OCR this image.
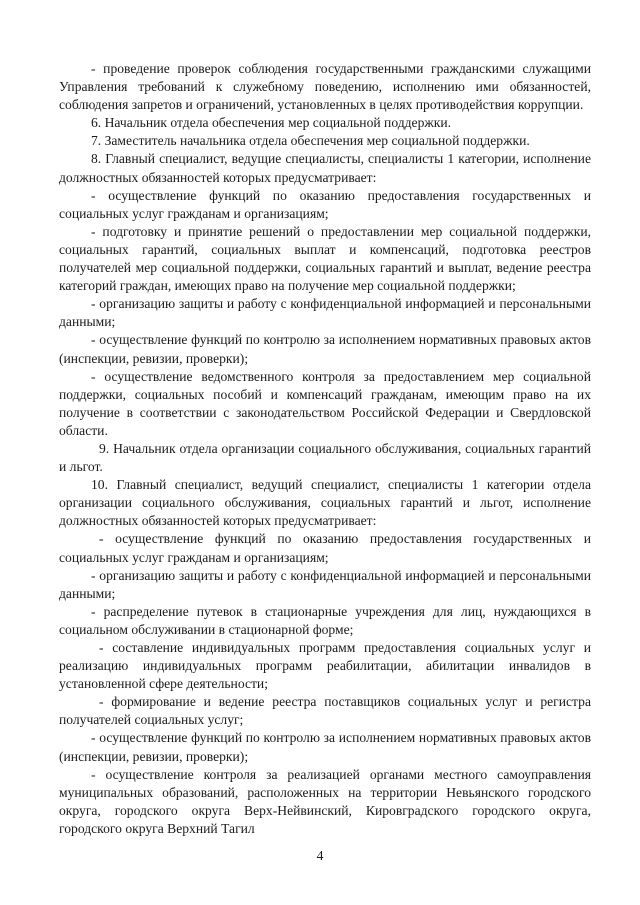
- проведение проверок соблюдения государственными гражданскими служащими Управления требований к служебному поведению, исполнению ими обязанностей, соблюдения запретов и ограничений, установленных в целях противодействия коррупции.

6. Начальник отдела обеспечения мер социальной поддержки.

7. Заместитель начальника отдела обеспечения мер социальной поддержки.

8. Главный специалист, ведущие специалисты, специалисты 1 категории, исполнение должностных обязанностей которых предусматривает:

- осуществление функций по оказанию предоставления государственных и социальных услуг гражданам и организациям;

- подготовку и принятие решений о предоставлении мер социальной поддержки, социальных гарантий, социальных выплат и компенсаций, подготовка реестров получателей мер социальной поддержки, социальных гарантий и выплат, ведение реестра категорий граждан, имеющих право на получение мер социальной поддержки;

- организацию защиты и работу с конфиденциальной информацией и персональными данными;

- осуществление функций по контролю за исполнением нормативных правовых актов (инспекции, ревизии, проверки);

- осуществление ведомственного контроля за предоставлением мер социальной поддержки, социальных пособий и компенсаций гражданам, имеющим право на их получение в соответствии с законодательством Российской Федерации и Свердловской области.

9. Начальник отдела организации социального обслуживания, социальных гарантий и льгот.

10. Главный специалист, ведущий специалист, специалисты 1 категории отдела организации социального обслуживания, социальных гарантий и льгот, исполнение должностных обязанностей которых предусматривает:

- осуществление функций по оказанию предоставления государственных и социальных услуг гражданам и организациям;

- организацию защиты и работу с конфиденциальной информацией и персональными данными;

- распределение путевок в стационарные учреждения для лиц, нуждающихся в социальном обслуживании в стационарной форме;

- составление индивидуальных программ предоставления социальных услуг и реализацию индивидуальных программ реабилитации, абилитации инвалидов в установленной сфере деятельности;

- формирование и ведение реестра поставщиков социальных услуг и регистра получателей социальных услуг;

- осуществление функций по контролю за исполнением нормативных правовых актов (инспекции, ревизии, проверки);

- осуществление контроля за реализацией органами местного самоуправления муниципальных образований, расположенных на территории Невьянского городского округа, городского округа Верх-Нейвинский, Кировградского городского округа, городского округа Верхний Тагил

4
